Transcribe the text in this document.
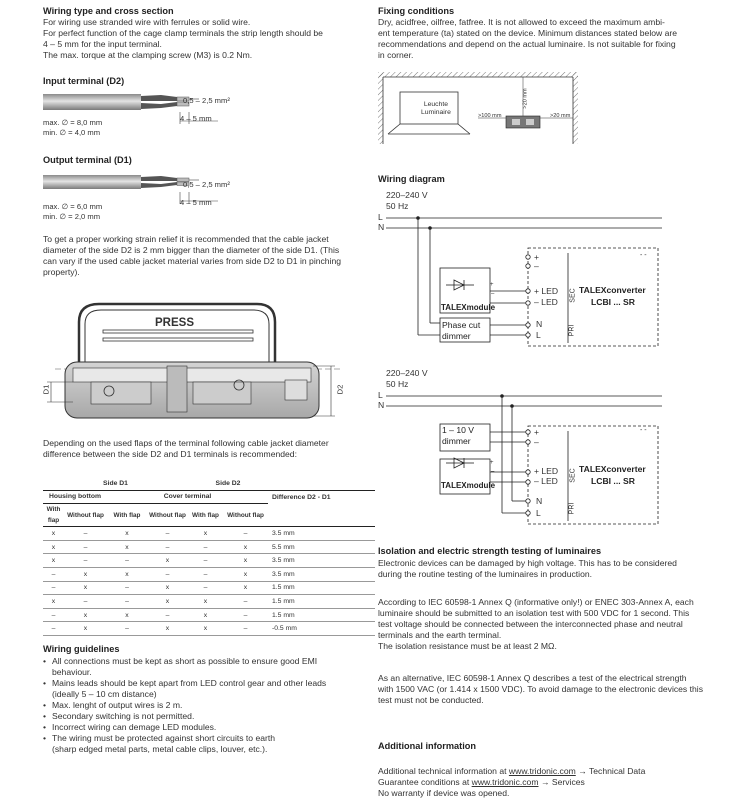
Wiring type and cross section
For wiring use stranded wire with ferrules or solid wire.
For perfect function of the cage clamp terminals the strip length should be
4 – 5 mm for the input terminal.
The max. torque at the clamping screw (M3) is 0.2 Nm.
Input terminal (D2)
0,5 – 2,5 mm²
4 – 5 mm
max. ∅ = 8,0 mm
min. ∅ = 4,0 mm
Output terminal (D1)
0,5 – 2,5 mm²
4 – 5 mm
max. ∅ = 6,0 mm
min. ∅ = 2,0 mm
To get a proper working strain relief it is recommended that the cable jacket
diameter of the side D2 is 2 mm bigger than the diameter of the side D1. (This
can vary if the used cable jacket material varies from side D2 to D1 in pinching
property).
PRESS
D1	D2
Depending on the used flaps of the terminal following cable jacket diameter
difference between the side D2 and D1 terminals is recommended:
Side D1				Side D2		
Housing bottom		Cover terminal				Difference D2 - D1
With flap	Without flap	With flap	Without flap	With flap	Without flap	
x	–	x	–	x	–	3.5 mm
x	–	x	–	–	x	5.5 mm
x	–	–	x	–	x	3.5 mm
–	x	x	–	–	x	3.5 mm
–	x	–	x	–	x	1.5 mm
x	–	–	x	x	–	1.5 mm
–	x	x	–	x	–	1.5 mm
–	x	–	x	x	–	-0.5 mm
Wiring guidelines
• All connections must be kept as short as possible to ensure good EMI
behaviour.
• Mains leads should be kept apart from LED control gear and other leads
(ideally 5 – 10 cm distance)
• Max. lenght of output wires is 2 m.
• Secondary switching is not permitted.
• Incorrect wiring can demage LED modules.
• The wiring must be protected against short circuits to earth
(sharp edged metal parts, metal cable clips, louver, etc.).
Fixing conditions
Dry, acidfree, oilfree, fatfree. It is not allowed to exceed the maximum ambi-
ent temperature (ta) stated on the device. Minimum distances stated below are
recommendations and depend on the actual luminaire. Is not suitable for fixing
in corner.
Leuchte
Luminaire	>100 mm	>20 mm
>20 mm
Wiring diagram
220–240 V
50 Hz
L
N
+
–
- -
+ LED
– LED SEC
PRI
N
L
TALEXconverter
LCBI ... SR
+
–
TALEXmodule
Phase cut
dimmer
220–240 V
50 Hz
L
N
+
–
- -
+ LED
– LED SEC
PRI
N
L
TALEXconverter
LCBI ... SR
1 – 10 V
dimmer
+
–
TALEXmodule
Isolation and electric strength testing of luminaires
Electronic devices can be damaged by high voltage. This has to be considered
during the routine testing of the luminaires in production.
According to IEC 60598-1 Annex Q (informative only!) or ENEC 303-Annex A, each
luminaire should be submitted to an isolation test with 500 VDC for 1 second. This
test voltage should be connected between the interconnected phase and neutral
terminals and the earth terminal.
The isolation resistance must be at least 2 MΩ.
As an alternative, IEC 60598-1 Annex Q describes a test of the electrical strength
with 1500 VAC (or 1.414 x 1500 VDC). To avoid damage to the electronic devices this
test must not be conducted.
Additional information
Additional technical information at www.tridonic.com → Technical Data
Guarantee conditions at www.tridonic.com → Services
No warranty if device was opened.
